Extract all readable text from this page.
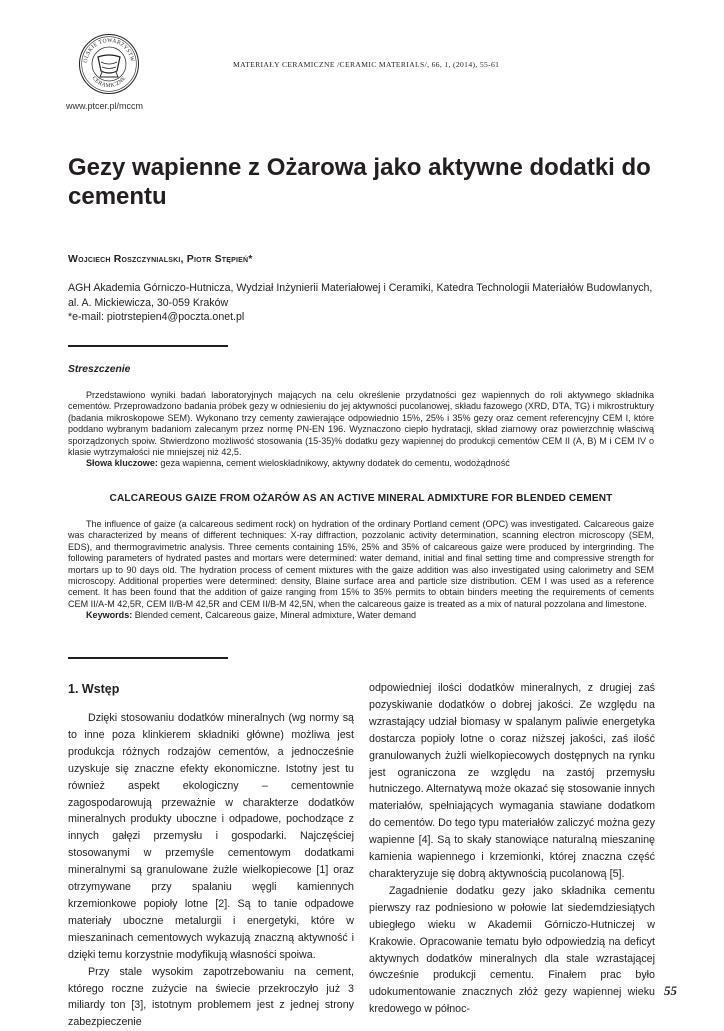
OLSKIE TOWARZYSTW
CERAMICZNE
www.ptcer.pl/mccm
MATERIAŁY CERAMICZNE /CERAMIC MATERIALS/, 66, 1, (2014), 55-61
Gezy wapienne z Ożarowa jako aktywne dodatki do cementu
Wojciech Roszczynialski, Piotr Stępień*
AGH Akademia Górniczo-Hutnicza, Wydział Inżynierii Materiałowej i Ceramiki, Katedra Technologii Materiałów Budowlanych, al. A. Mickiewicza, 30-059 Kraków
*e-mail: piotrstepien4@poczta.onet.pl
Streszczenie

Przedstawiono wyniki badań laboratoryjnych mających na celu określenie przydatności gez wapiennych do roli aktywnego składnika cementów. Przeprowadzono badania próbek gezy w odniesieniu do jej aktywności pucolanowej, składu fazowego (XRD, DTA, TG) i mikrostruktury (badania mikroskopowe SEM). Wykonano trzy cementy zawierające odpowiednio 15%, 25% i 35% gezy oraz cement referencyjny CEM I, które poddano wybranym badaniom zalecanym przez normę PN-EN 196. Wyznaczono ciepło hydratacji, skład ziarnowy oraz powierzchnię właściwą sporządzonych spoiw. Stwierdzono możliwość stosowania (15-35)% dodatku gezy wapiennej do produkcji cementów CEM II (A, B) M i CEM IV o klasie wytrzymałości nie mniejszej niż 42,5.

Słowa kluczowe: geza wapienna, cement wieloskładnikowy, aktywny dodatek do cementu, wodożądność

CALCAREOUS GAIZE FROM OŻARÓW AS AN ACTIVE MINERAL ADMIXTURE FOR BLENDED CEMENT

The influence of gaize (a calcareous sediment rock) on hydration of the ordinary Portland cement (OPC) was investigated. Calcareous gaize was characterized by means of different techniques: X-ray diffraction, pozzolanic activity determination, scanning electron microscopy (SEM, EDS), and thermogravimetric analysis. Three cements containing 15%, 25% and 35% of calcareous gaize were produced by intergrinding. The following parameters of hydrated pastes and mortars were determined: water demand, initial and final setting time and compressive strength for mortars up to 90 days old. The hydration process of cement mixtures with the gaize addition was also investigated using calorimetry and SEM microscopy. Additional properties were determined: density, Blaine surface area and particle size distribution. CEM I was used as a reference cement. It has been found that the addition of gaize ranging from 15% to 35% permits to obtain binders meeting the requirements of cements CEM II/A-M 42,5R, CEM II/B-M 42,5R and CEM II/B-M 42,5N, when the calcareous gaize is treated as a mix of natural pozzolana and limestone.

Keywords: Blended cement, Calcareous gaize, Mineral admixture, Water demand

1. Wstęp

Dzięki stosowaniu dodatków mineralnych (wg normy są to inne poza klinkierem składniki główne) możliwa jest produkcja różnych rodzajów cementów, a jednocześnie uzyskuje się znaczne efekty ekonomiczne. Istotny jest tu również aspekt ekologiczny – cementownie zagospodarowują przeważnie w charakterze dodatków mineralnych produkty uboczne i odpadowe, pochodzące z innych gałęzi przemysłu i gospodarki. Najczęściej stosowanymi w przemyśle cementowym dodatkami mineralnymi są granulowane żużle wielkopiecowe [1] oraz otrzymywane przy spalaniu węgli kamiennych krzemionkowe popioły lotne [2]. Są to tanie odpadowe materiały uboczne metalurgii i energetyki, które w mieszaninach cementowych wykazują znaczną aktywność i dzięki temu korzystnie modyfikują własności spoiwa.

Przy stale wysokim zapotrzebowaniu na cement, którego roczne zużycie na świecie przekroczyło już 3 miliardy ton [3], istotnym problemem jest z jednej strony zabezpieczenie

odpowiedniej ilości dodatków mineralnych, z drugiej zaś pozyskiwanie dodatków o dobrej jakości. Ze względu na wzrastający udział biomasy w spalanym paliwie energetyka dostarcza popioły lotne o coraz niższej jakości, zaś ilość granulowanych żużli wielkopiecowych dostępnych na rynku jest ograniczona ze względu na zastój przemysłu hutniczego. Alternatywą może okazać się stosowanie innych materiałów, spełniających wymagania stawiane dodatkom do cementów. Do tego typu materiałów zaliczyć można gezy wapienne [4]. Są to skały stanowiące naturalną mieszaninę kamienia wapiennego i krzemionki, której znaczna część charakteryzuje się dobrą aktywnością pucolanową [5].

Zagadnienie dodatku gezy jako składnika cementu pierwszy raz podniesiono w połowie lat siedemdziesiątych ubiegłego wieku w Akademii Górniczo-Hutniczej w Krakowie. Opracowanie tematu było odpowiedzią na deficyt aktywnych dodatków mineralnych dla stale wzrastającej ówcześnie produkcji cementu. Finałem prac było udokumentowanie znacznych złóż gezy wapiennej wieku kredowego w północ-

55
